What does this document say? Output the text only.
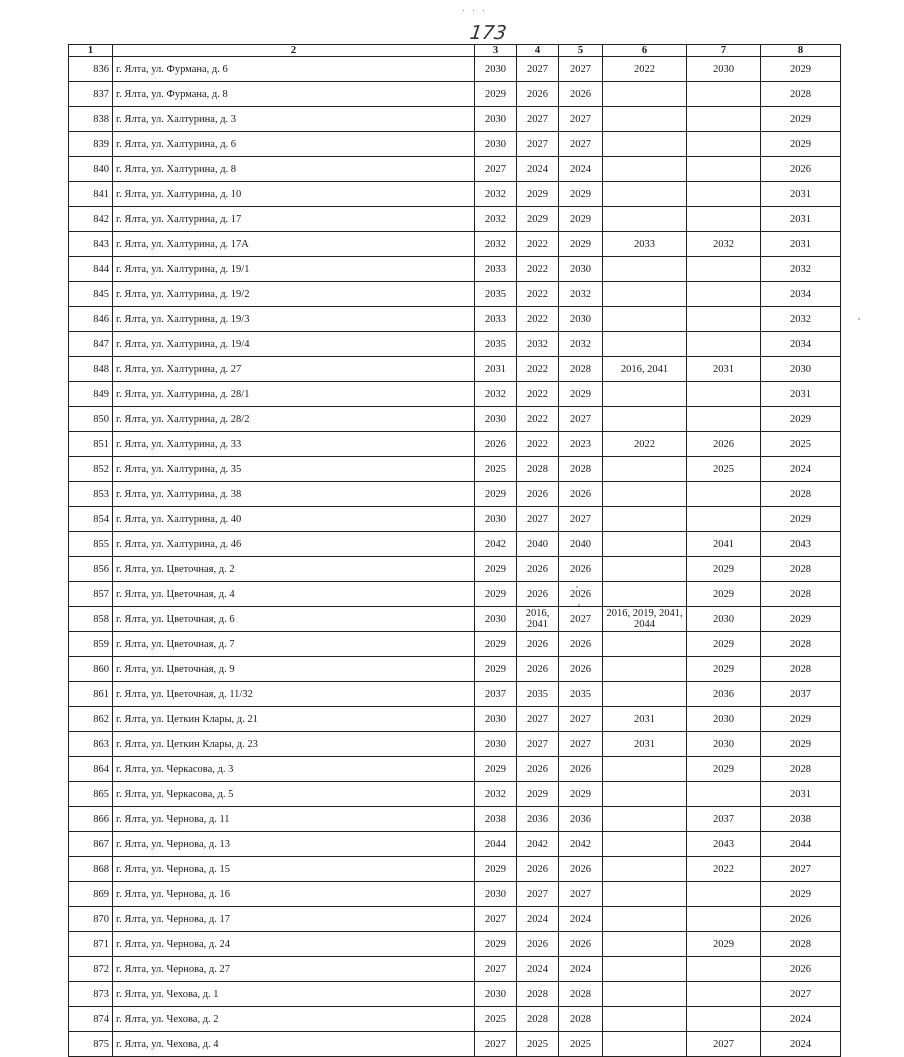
· · ·
173
1	2	3	4	5	6	7	8
836	г. Ялта, ул. Фурмана, д. 6	2030	2027	2027	2022	2030	2029
837	г. Ялта, ул. Фурмана, д. 8	2029	2026	2026			2028
838	г. Ялта, ул. Халтурина, д. 3	2030	2027	2027			2029
839	г. Ялта, ул. Халтурина, д. 6	2030	2027	2027			2029
840	г. Ялта, ул. Халтурина, д. 8	2027	2024	2024			2026
841	г. Ялта, ул. Халтурина, д. 10	2032	2029	2029			2031
842	г. Ялта, ул. Халтурина, д. 17	2032	2029	2029			2031
843	г. Ялта, ул. Халтурина, д. 17А	2032	2022	2029	2033	2032	2031
844	г. Ялта, ул. Халтурина, д. 19/1	2033	2022	2030			2032
845	г. Ялта, ул. Халтурина, д. 19/2	2035	2022	2032			2034
846	г. Ялта, ул. Халтурина, д. 19/3	2033	2022	2030			2032
847	г. Ялта, ул. Халтурина, д. 19/4	2035	2032	2032			2034
848	г. Ялта, ул. Халтурина, д. 27	2031	2022	2028	2016, 2041	2031	2030
849	г. Ялта, ул. Халтурина, д. 28/1	2032	2022	2029			2031
850	г. Ялта, ул. Халтурина, д. 28/2	2030	2022	2027			2029
851	г. Ялта, ул. Халтурина, д. 33	2026	2022	2023	2022	2026	2025
852	г. Ялта, ул. Халтурина, д. 35	2025	2028	2028		2025	2024
853	г. Ялта, ул. Халтурина, д. 38	2029	2026	2026			2028
854	г. Ялта, ул. Халтурина, д. 40	2030	2027	2027			2029
855	г. Ялта, ул. Халтурина, д. 46	2042	2040	2040		2041	2043
856	г. Ялта, ул. Цветочная, д. 2	2029	2026	2026		2029	2028
857	г. Ялта, ул. Цветочная, д. 4	2029	2026	2026		2029	2028
858	г. Ялта, ул. Цветочная, д. 6	2030	2016, 2041	2027	2016, 2019, 2041, 2044	2030	2029
859	г. Ялта, ул. Цветочная, д. 7	2029	2026	2026		2029	2028
860	г. Ялта, ул. Цветочная, д. 9	2029	2026	2026		2029	2028
861	г. Ялта, ул. Цветочная, д. 11/32	2037	2035	2035		2036	2037
862	г. Ялта, ул. Цеткин Клары, д. 21	2030	2027	2027	2031	2030	2029
863	г. Ялта, ул. Цеткин Клары, д. 23	2030	2027	2027	2031	2030	2029
864	г. Ялта, ул. Черкасова, д. 3	2029	2026	2026		2029	2028
865	г. Ялта, ул. Черкасова, д. 5	2032	2029	2029			2031
866	г. Ялта, ул. Чернова, д. 11	2038	2036	2036		2037	2038
867	г. Ялта, ул. Чернова, д. 13	2044	2042	2042		2043	2044
868	г. Ялта, ул. Чернова, д. 15	2029	2026	2026		2022	2027
869	г. Ялта, ул. Чернова, д. 16	2030	2027	2027			2029
870	г. Ялта, ул. Чернова, д. 17	2027	2024	2024			2026
871	г. Ялта, ул. Чернова, д. 24	2029	2026	2026		2029	2028
872	г. Ялта, ул. Чернова, д. 27	2027	2024	2024			2026
873	г. Ялта, ул. Чехова, д. 1	2030	2028	2028			2027
874	г. Ялта, ул. Чехова, д. 2	2025	2028	2028			2024
875	г. Ялта, ул. Чехова, д. 4	2027	2025	2025		2027	2024
